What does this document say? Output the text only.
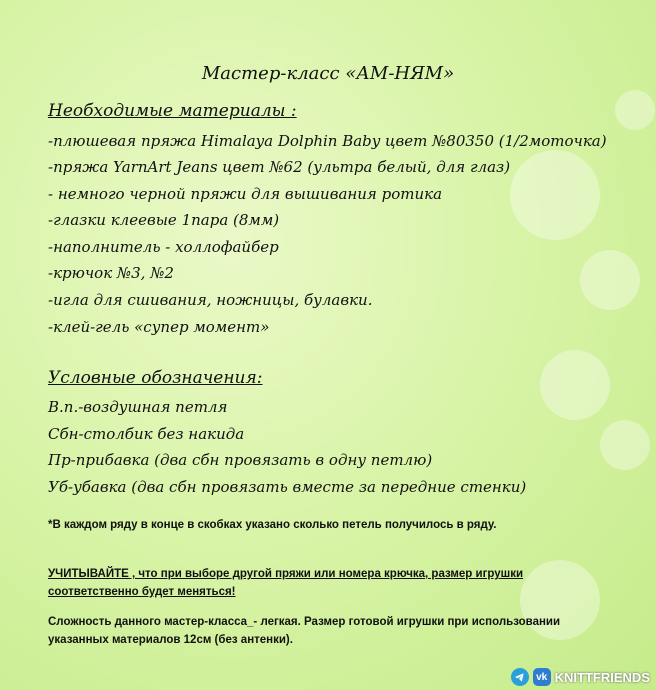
Мастер-класс «АМ-НЯМ»
Необходимые материалы :
-плюшевая пряжа Himalaya Dolphin Baby цвет №80350 (1/2моточка)
-пряжа YarnArt Jeans цвет №62 (ультра белый, для глаз)
- немного черной пряжи для вышивания ротика
-глазки клеевые 1пара (8мм)
-наполнитель - холлофайбер
-крючок №3, №2
-игла для сшивания, ножницы, булавки.
-клей-гель «супер момент»
Условные обозначения:
В.п.-воздушная петля
Сбн-столбик без накида
Пр-прибавка (два сбн провязать в одну петлю)
Уб-убавка (два сбн провязать вместе за передние стенки)
*В каждом ряду в конце в скобках указано сколько петель получилось в ряду.
УЧИТЫВАЙТЕ , что при выборе другой пряжи или номера крючка, размер игрушки
соответственно будет меняться!
Сложность данного мастер-класса_- легкая. Размер готовой игрушки при использовании
указанных материалов 12см (без антенки).
vk KNITTFRIENDS
